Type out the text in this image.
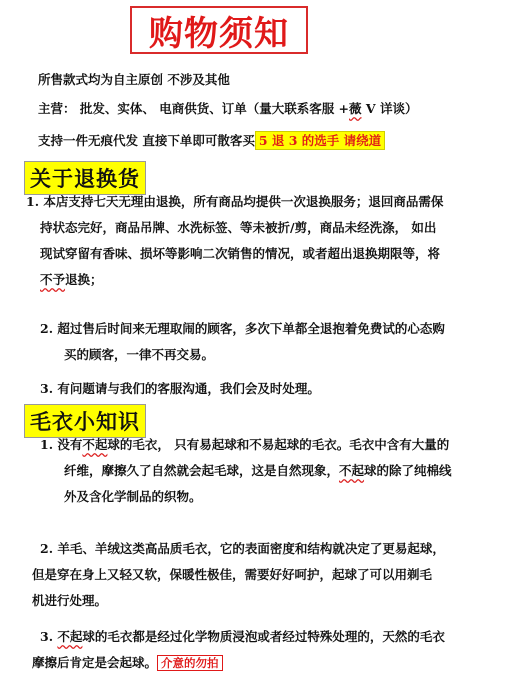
购物须知
所售款式均为自主原创 不涉及其他
主营： 批发、实体、 电商供货、订单（量大联系客服 +薇 V 详谈）
支持一件无痕代发 直接下单即可散客买 5 退 3 的选手 请绕道
关于退换货
1. 本店支持七天无理由退换，所有商品均提供一次退换服务；退回商品需保
持状态完好，商品吊牌、水洗标签、等未被折/剪，商品未经洗涤， 如出
现试穿留有香味、损坏等影响二次销售的情况，或者超出退换期限等，将
不予退换；
2. 超过售后时间来无理取闹的顾客，多次下单都全退抱着免费试的心态购
买的顾客，一律不再交易。
3. 有问题请与我们的客服沟通，我们会及时处理。
毛衣小知识
1. 没有不起球的毛衣， 只有易起球和不易起球的毛衣。毛衣中含有大量的
纤维，摩擦久了自然就会起毛球，这是自然现象，不起球的除了纯棉线
外及含化学制品的织物。
2. 羊毛、羊绒这类高品质毛衣，它的表面密度和结构就决定了更易起球，
但是穿在身上又轻又软，保暖性极佳，需要好好呵护，起球了可以用剃毛
机进行处理。
3. 不起球的毛衣都是经过化学物质浸泡或者经过特殊处理的，天然的毛衣
摩擦后肯定是会起球。 介意的勿拍
